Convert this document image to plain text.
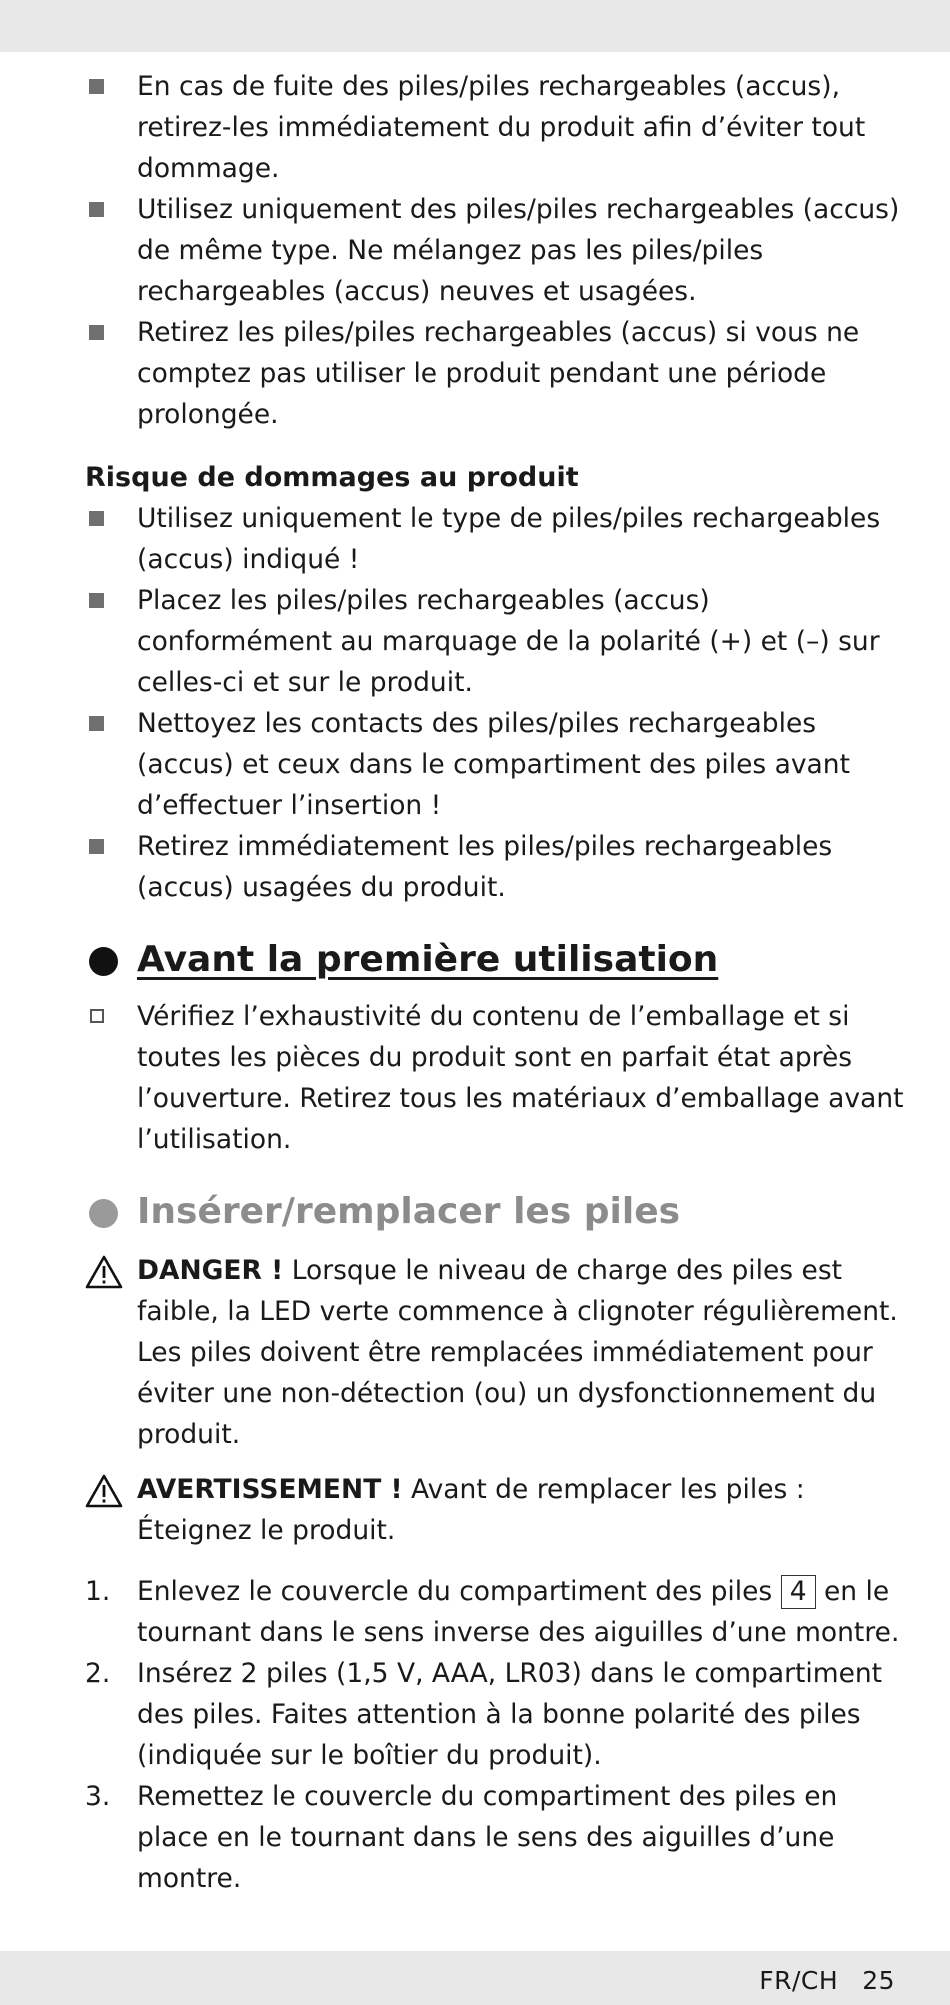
En cas de fuite des piles/piles rechargeables (accus), retirez-les immédiatement du produit afin d’éviter tout dommage.
Utilisez uniquement des piles/piles rechargeables (accus) de même type. Ne mélangez pas les piles/piles rechargeables (accus) neuves et usagées.
Retirez les piles/piles rechargeables (accus) si vous ne comptez pas utiliser le produit pendant une période prolongée.
Risque de dommages au produit
Utilisez uniquement le type de piles/piles rechargeables (accus) indiqué !
Placez les piles/piles rechargeables (accus) conformément au marquage de la polarité (+) et (–) sur celles-ci et sur le produit.
Nettoyez les contacts des piles/piles rechargeables (accus) et ceux dans le compartiment des piles avant d’effectuer l’insertion !
Retirez immédiatement les piles/piles rechargeables (accus) usagées du produit.
Avant la première utilisation
Vérifiez l’exhaustivité du contenu de l’emballage et si toutes les pièces du produit sont en parfait état après l’ouverture. Retirez tous les matériaux d’emballage avant l’utilisation.
Insérer/remplacer les piles
DANGER ! Lorsque le niveau de charge des piles est faible, la LED verte commence à clignoter régulièrement. Les piles doivent être remplacées immédiatement pour éviter une non-détection (ou) un dysfonctionnement du produit.
AVERTISSEMENT ! Avant de remplacer les piles : Éteignez le produit.
1. Enlevez le couvercle du compartiment des piles 4 en le tournant dans le sens inverse des aiguilles d’une montre.
2. Insérez 2 piles (1,5 V, AAA, LR03) dans le compartiment des piles. Faites attention à la bonne polarité des piles (indiquée sur le boîtier du produit).
3. Remettez le couvercle du compartiment des piles en place en le tournant dans le sens des aiguilles d’une montre.
FR/CH 25
